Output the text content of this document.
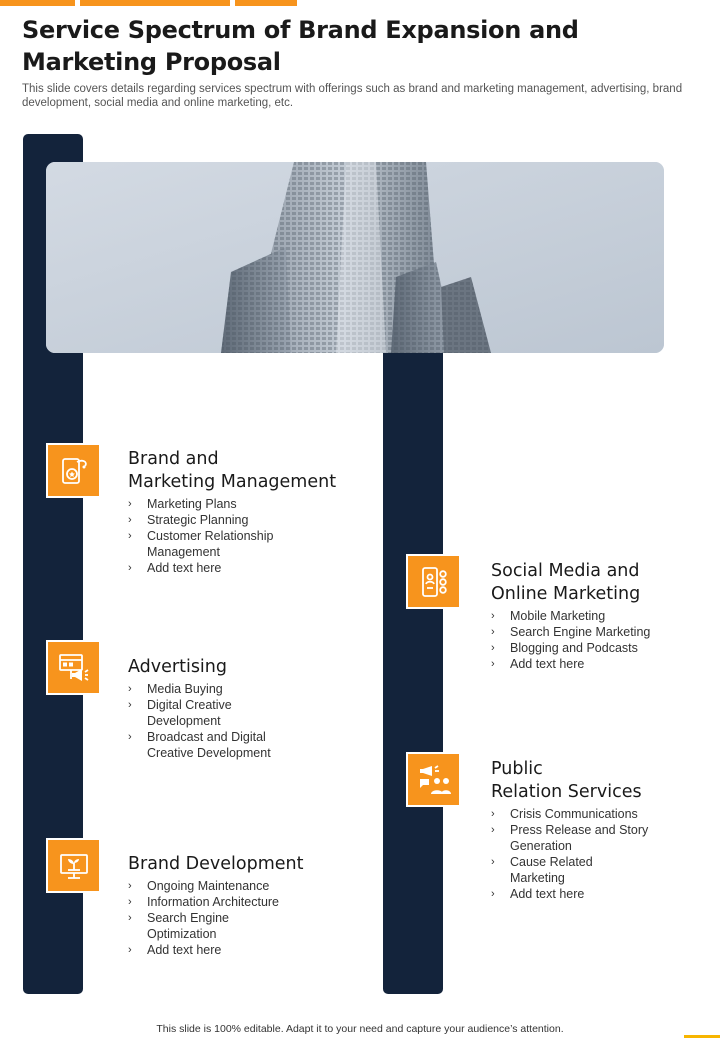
Service Spectrum of Brand Expansion and
Marketing Proposal

This slide covers details regarding services spectrum with offerings such as brand and marketing management, advertising, brand development, social media and online marketing, etc.

Brand and
Marketing Management
› Marketing Plans
› Strategic Planning
› Customer Relationship Management
› Add text here
Advertising
› Media Buying
› Digital Creative Development
› Broadcast and Digital Creative Development
Brand Development
› Ongoing Maintenance
› Information Architecture
› Search Engine Optimization
› Add text here
Social Media and
Online Marketing
› Mobile Marketing
› Search Engine Marketing
› Blogging and Podcasts
› Add text here
Public
Relation Services
› Crisis Communications
› Press Release and Story Generation
› Cause Related Marketing
› Add text here
This slide is 100% editable. Adapt it to your need and capture your audience’s attention.
